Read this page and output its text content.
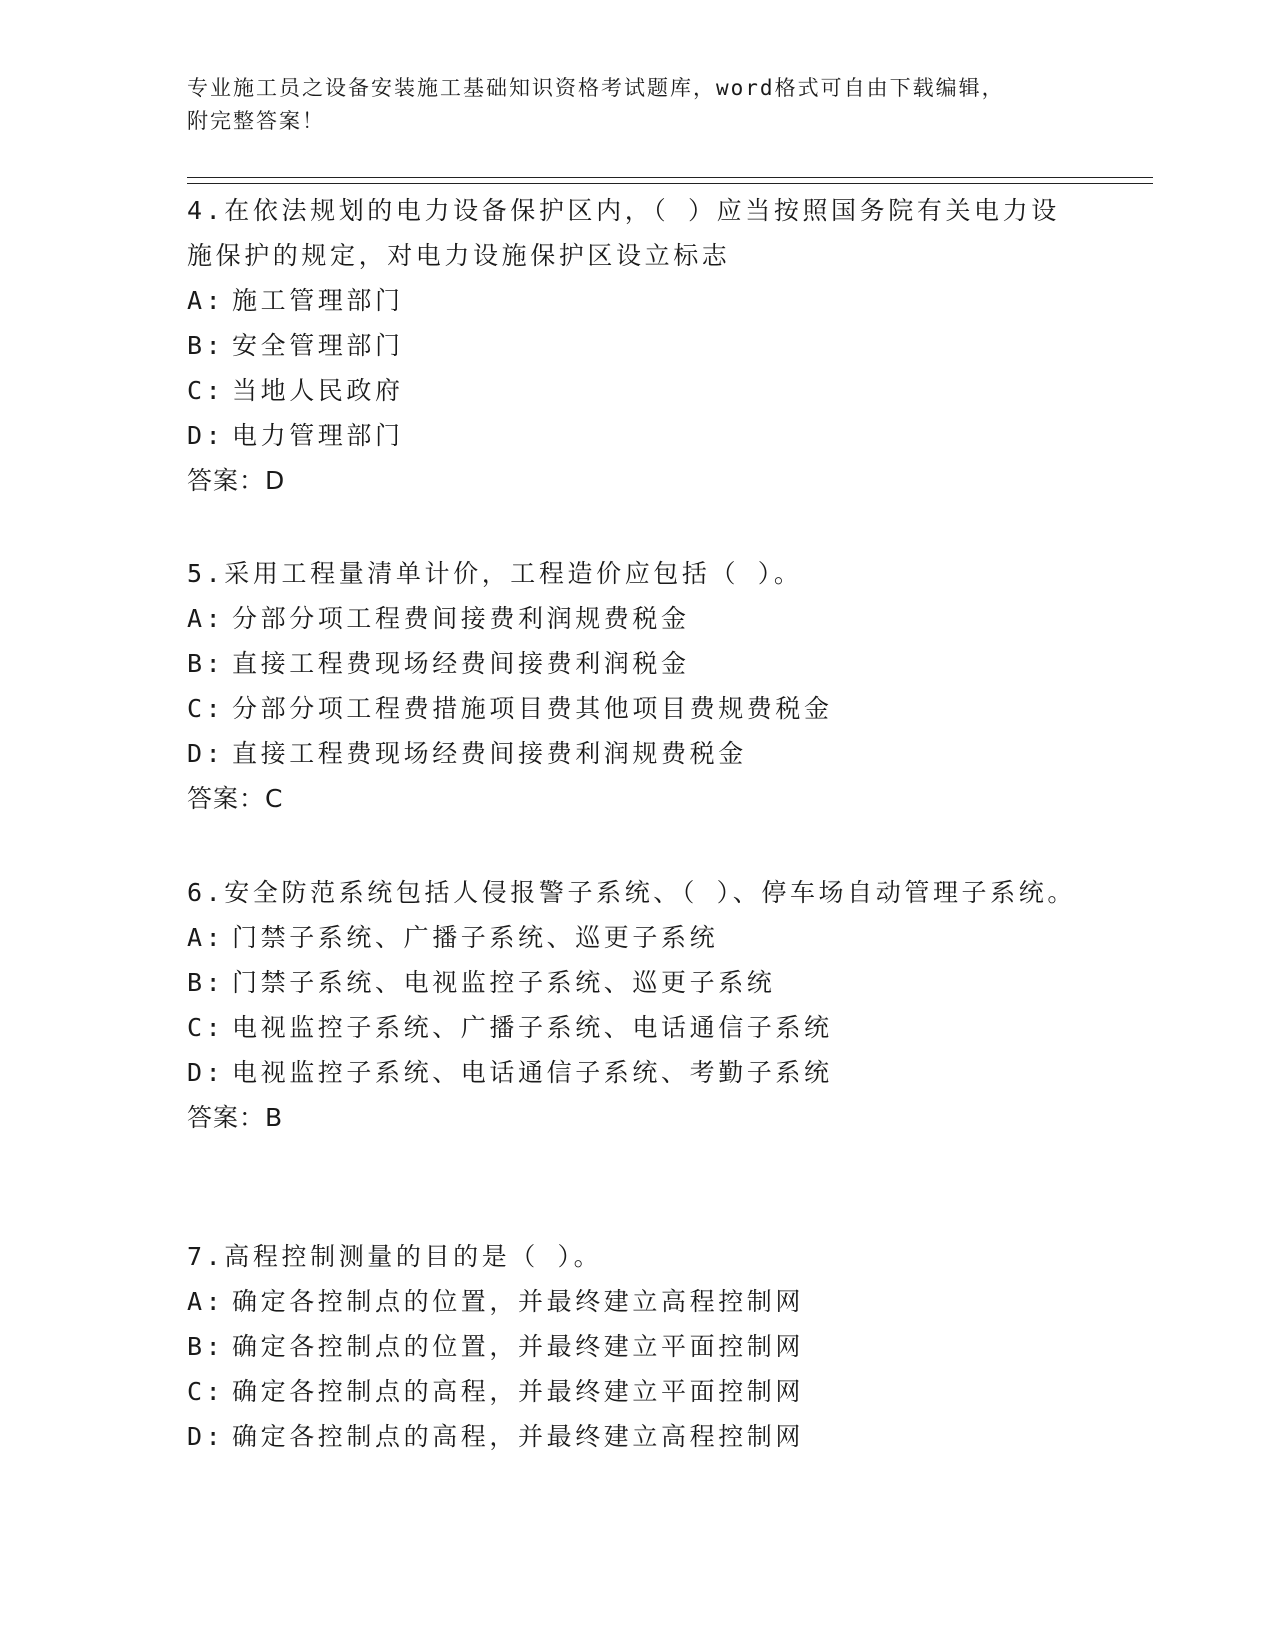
专业施工员之设备安装施工基础知识资格考试题库，word格式可自由下载编辑，
附完整答案！

4.在依法规划的电力设备保护区内，（ ）应当按照国务院有关电力设施保护的规定，对电力设施保护区设立标志

A: 施工管理部门
B: 安全管理部门
C: 当地人民政府
D: 电力管理部门
答案：D

5.采用工程量清单计价，工程造价应包括（ ）。

A: 分部分项工程费间接费利润规费税金
B: 直接工程费现场经费间接费利润税金
C: 分部分项工程费措施项目费其他项目费规费税金
D: 直接工程费现场经费间接费利润规费税金
答案：C

6.安全防范系统包括人侵报警子系统、（ ）、停车场自动管理子系统。

A: 门禁子系统、广播子系统、巡更子系统
B: 门禁子系统、电视监控子系统、巡更子系统
C: 电视监控子系统、广播子系统、电话通信子系统
D: 电视监控子系统、电话通信子系统、考勤子系统
答案：B

7.高程控制测量的目的是（ ）。

A: 确定各控制点的位置，并最终建立高程控制网
B: 确定各控制点的位置，并最终建立平面控制网
C: 确定各控制点的高程，并最终建立平面控制网
D: 确定各控制点的高程，并最终建立高程控制网
